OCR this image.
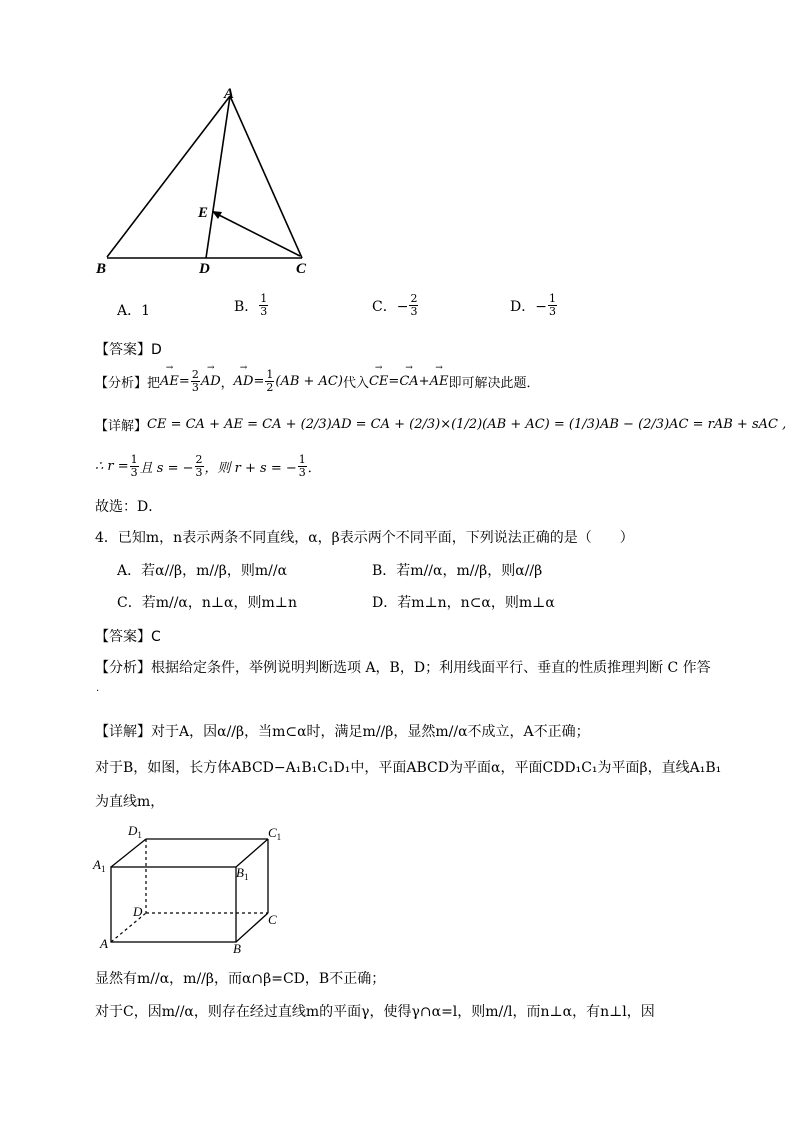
A
E
B	D	C
A．1	B． $\frac{1}{3}$	C．− $\frac{2}{3}$	D．− $\frac{1}{3}$
【答案】D
【分析】 把 → AE = $\frac{2}{3}$ → AD ， → AD = $\frac{1}{2} (AB + AC)$ 代入 → CE = → CA + → AE 即可解决此题．
【详解】 CE = CA + AE = CA + (2/3)AD = CA + (2/3)×(1/2)(AB + AC) = (1/3)AB − (2/3)AC = rAB + sAC ,
∴ $r = \frac{1}{3}$ 且 s = − $\frac{2}{3}$ ，则 r + s = − $\frac{1}{3}$ ．
故选：D．
4．已知m，n表示两条不同直线，α，β表示两个不同平面，下列说法正确的是（　　）
A．若α//β，m//β，则m//α	B．若m//α，m//β，则α//β
C．若m//α，n⊥α，则m⊥n	D．若m⊥n，n⊂α，则m⊥α
【答案】C
【分析】根据给定条件，举例说明判断选项 A，B，D；利用线面平行、垂直的性质推理判断 C 作答
.
【详解】对于A，因α//β，当m⊂α时，满足m//β，显然m//α不成立，A不正确；
对于B，如图，长方体ABCD−A₁B₁C₁D₁中，平面ABCD为平面α，平面CDD₁C₁为平面β，直线A₁B₁
为直线m，
$D_1$	$C_1$
$A_1$	$B_1$
D
C
A	B
显然有m//α，m//β，而α∩β=CD，B不正确；
对于C，因m//α，则存在经过直线m的平面γ，使得γ∩α=l，则m//l，而n⊥α，有n⊥l，因
